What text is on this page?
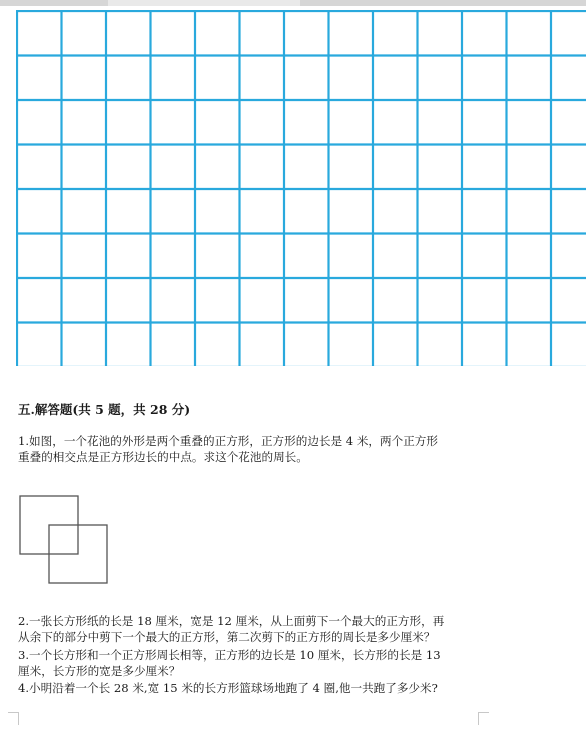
五.解答题(共 5 题，共 28 分)
1.如图，一个花池的外形是两个重叠的正方形，正方形的边长是 4 米，两个正方形
重叠的相交点是正方形边长的中点。求这个花池的周长。
2.一张长方形纸的长是 18 厘米，宽是 12 厘米，从上面剪下一个最大的正方形，再
从余下的部分中剪下一个最大的正方形，第二次剪下的正方形的周长是多少厘米？
3.一个长方形和一个正方形周长相等，正方形的边长是 10 厘米，长方形的长是 13
厘米，长方形的宽是多少厘米？
4.小明沿着一个长 28 米,宽 15 米的长方形篮球场地跑了 4 圈,他一共跑了多少米?
